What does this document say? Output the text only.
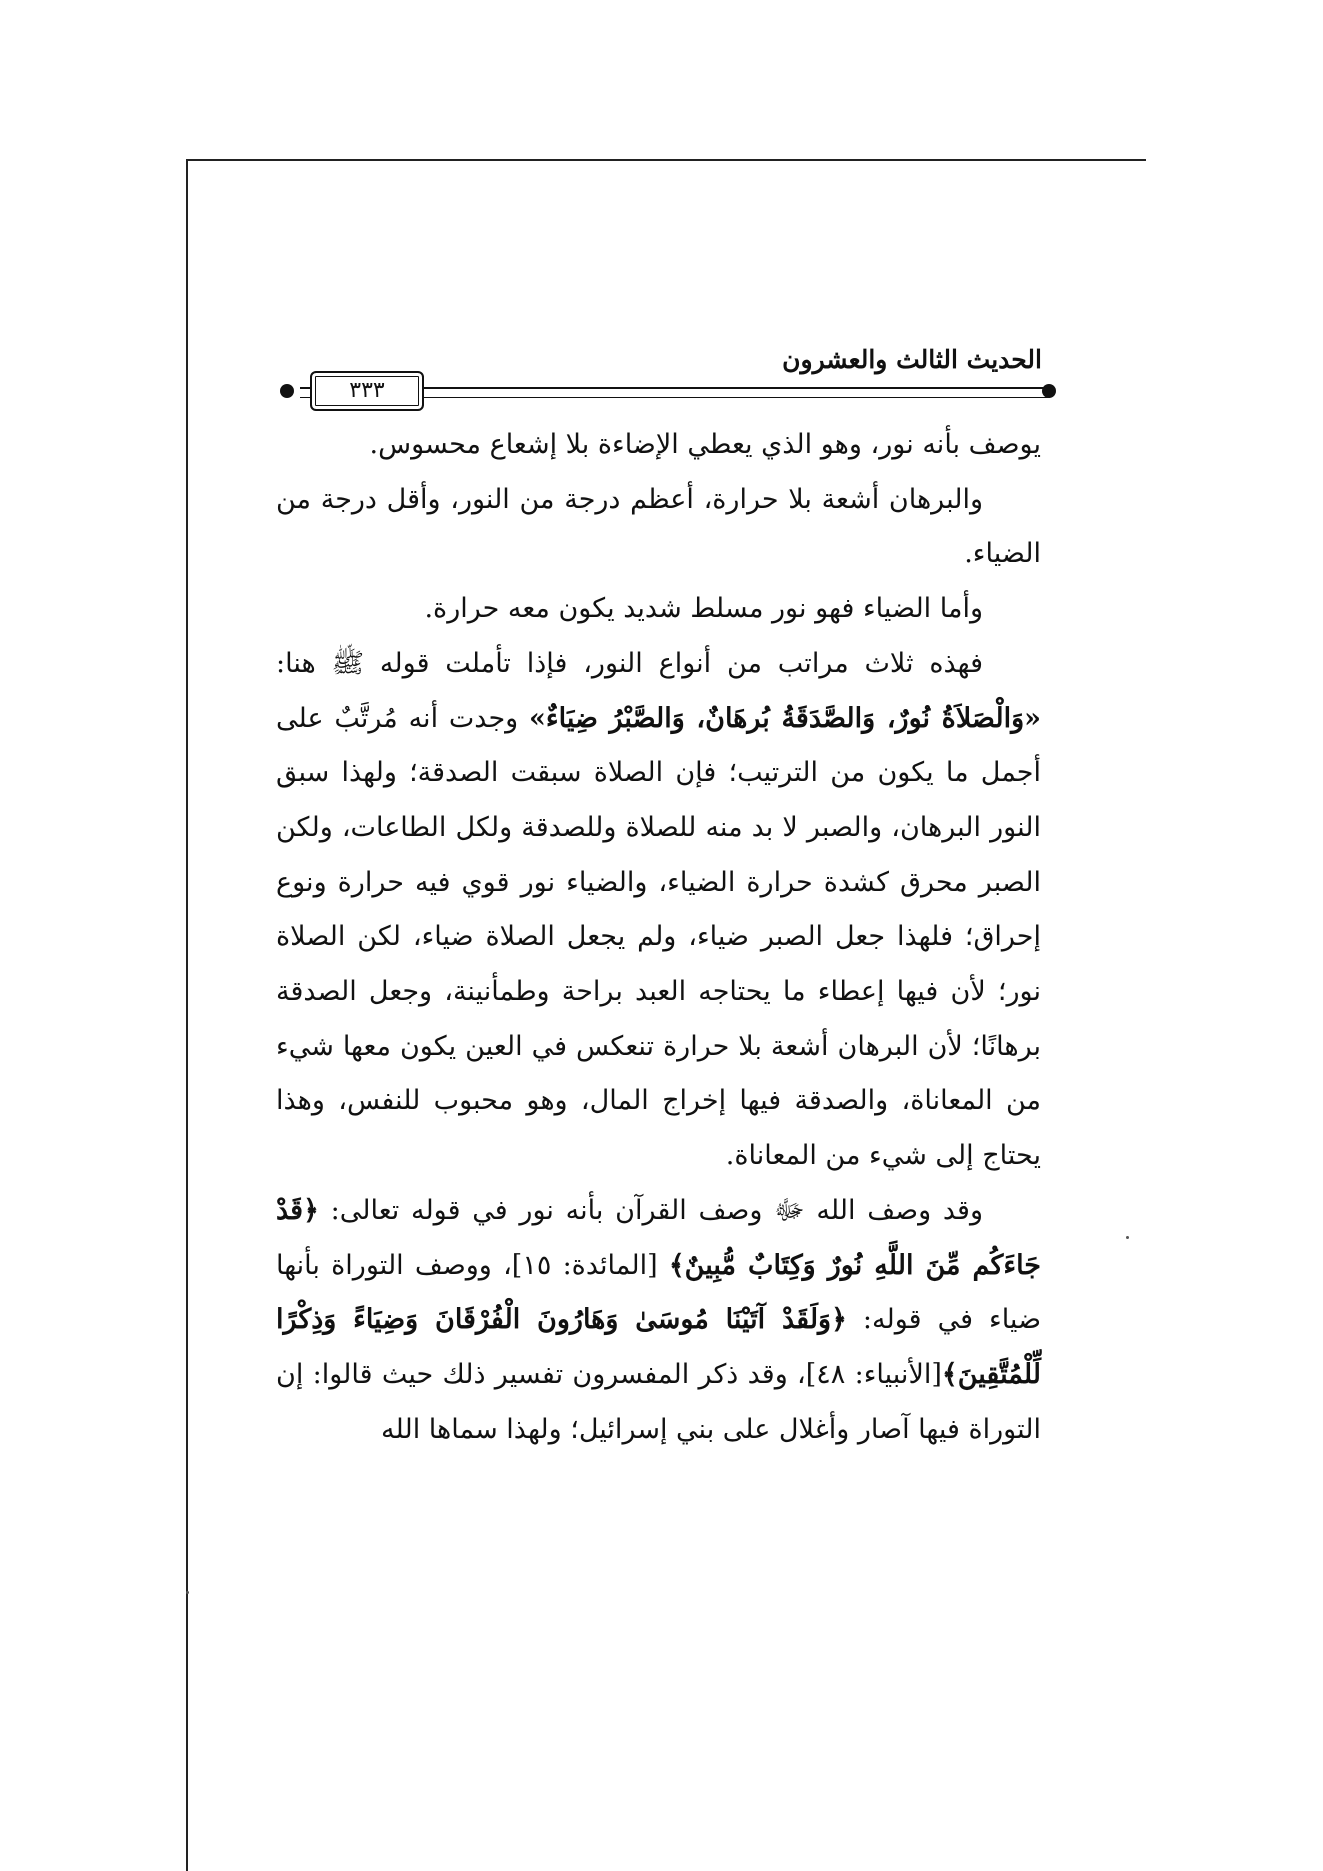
٣٣٣
الحديث الثالث والعشرون

يوصف بأنه نور، وهو الذي يعطي الإضاءة بلا إشعاع محسوس.

والبرهان أشعة بلا حرارة، أعظم درجة من النور، وأقل درجة من الضياء.

وأما الضياء فهو نور مسلط شديد يكون معه حرارة.

فهذه ثلاث مراتب من أنواع النور، فإذا تأملت قوله ﷺ هنا: «وَالْصَلاَةُ نُورٌ، وَالصَّدَقَةُ بُرهَانٌ، وَالصَّبْرُ ضِيَاءٌ» وجدت أنه مُرتَّبٌ على أجمل ما يكون من الترتيب؛ فإن الصلاة سبقت الصدقة؛ ولهذا سبق النور البرهان، والصبر لا بد منه للصلاة وللصدقة ولكل الطاعات، ولكن الصبر محرق كشدة حرارة الضياء، والضياء نور قوي فيه حرارة ونوع إحراق؛ فلهذا جعل الصبر ضياء، ولم يجعل الصلاة ضياء، لكن الصلاة نور؛ لأن فيها إعطاء ما يحتاجه العبد براحة وطمأنينة، وجعل الصدقة برهانًا؛ لأن البرهان أشعة بلا حرارة تنعكس في العين يكون معها شيء من المعاناة، والصدقة فيها إخراج المال، وهو محبوب للنفس، وهذا يحتاج إلى شيء من المعاناة.

وقد وصف الله ﷻ وصف القرآن بأنه نور في قوله تعالى: ﴿قَدْ جَاءَكُم مِّنَ اللَّهِ نُورٌ وَكِتَابٌ مُّبِينٌ﴾ [المائدة: ١٥]، ووصف التوراة بأنها ضياء في قوله: ﴿وَلَقَدْ آتَيْنَا مُوسَىٰ وَهَارُونَ الْفُرْقَانَ وَضِيَاءً وَذِكْرًا لِّلْمُتَّقِينَ﴾[الأنبياء: ٤٨]، وقد ذكر المفسرون تفسير ذلك حيث قالوا: إن التوراة فيها آصار وأغلال على بني إسرائيل؛ ولهذا سماها الله
